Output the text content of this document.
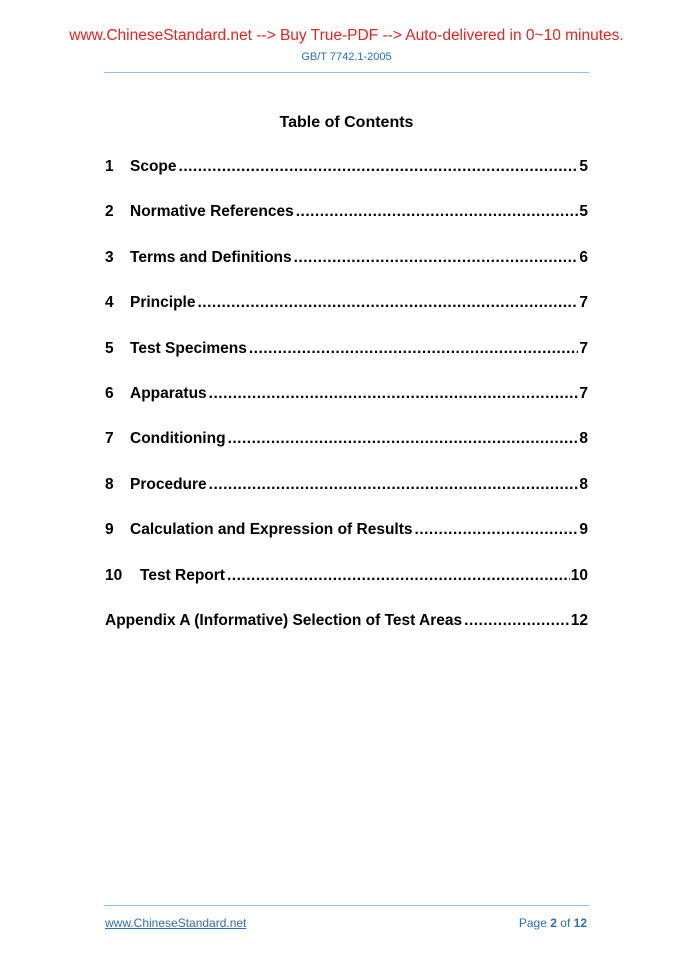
www.ChineseStandard.net --> Buy True-PDF --> Auto-delivered in 0~10 minutes.
GB/T 7742.1-2005
Table of Contents
1	Scope .....	5
2	Normative References .....	5
3	Terms and Definitions .....	6
4	Principle .....	7
5	Test Specimens .....	7
6	Apparatus .....	7
7	Conditioning .....	8
8	Procedure .....	8
9	Calculation and Expression of Results .....	9
10	Test Report .....	10
Appendix A (Informative) Selection of Test Areas .....	12
www.ChineseStandard.net	Page 2 of 12
